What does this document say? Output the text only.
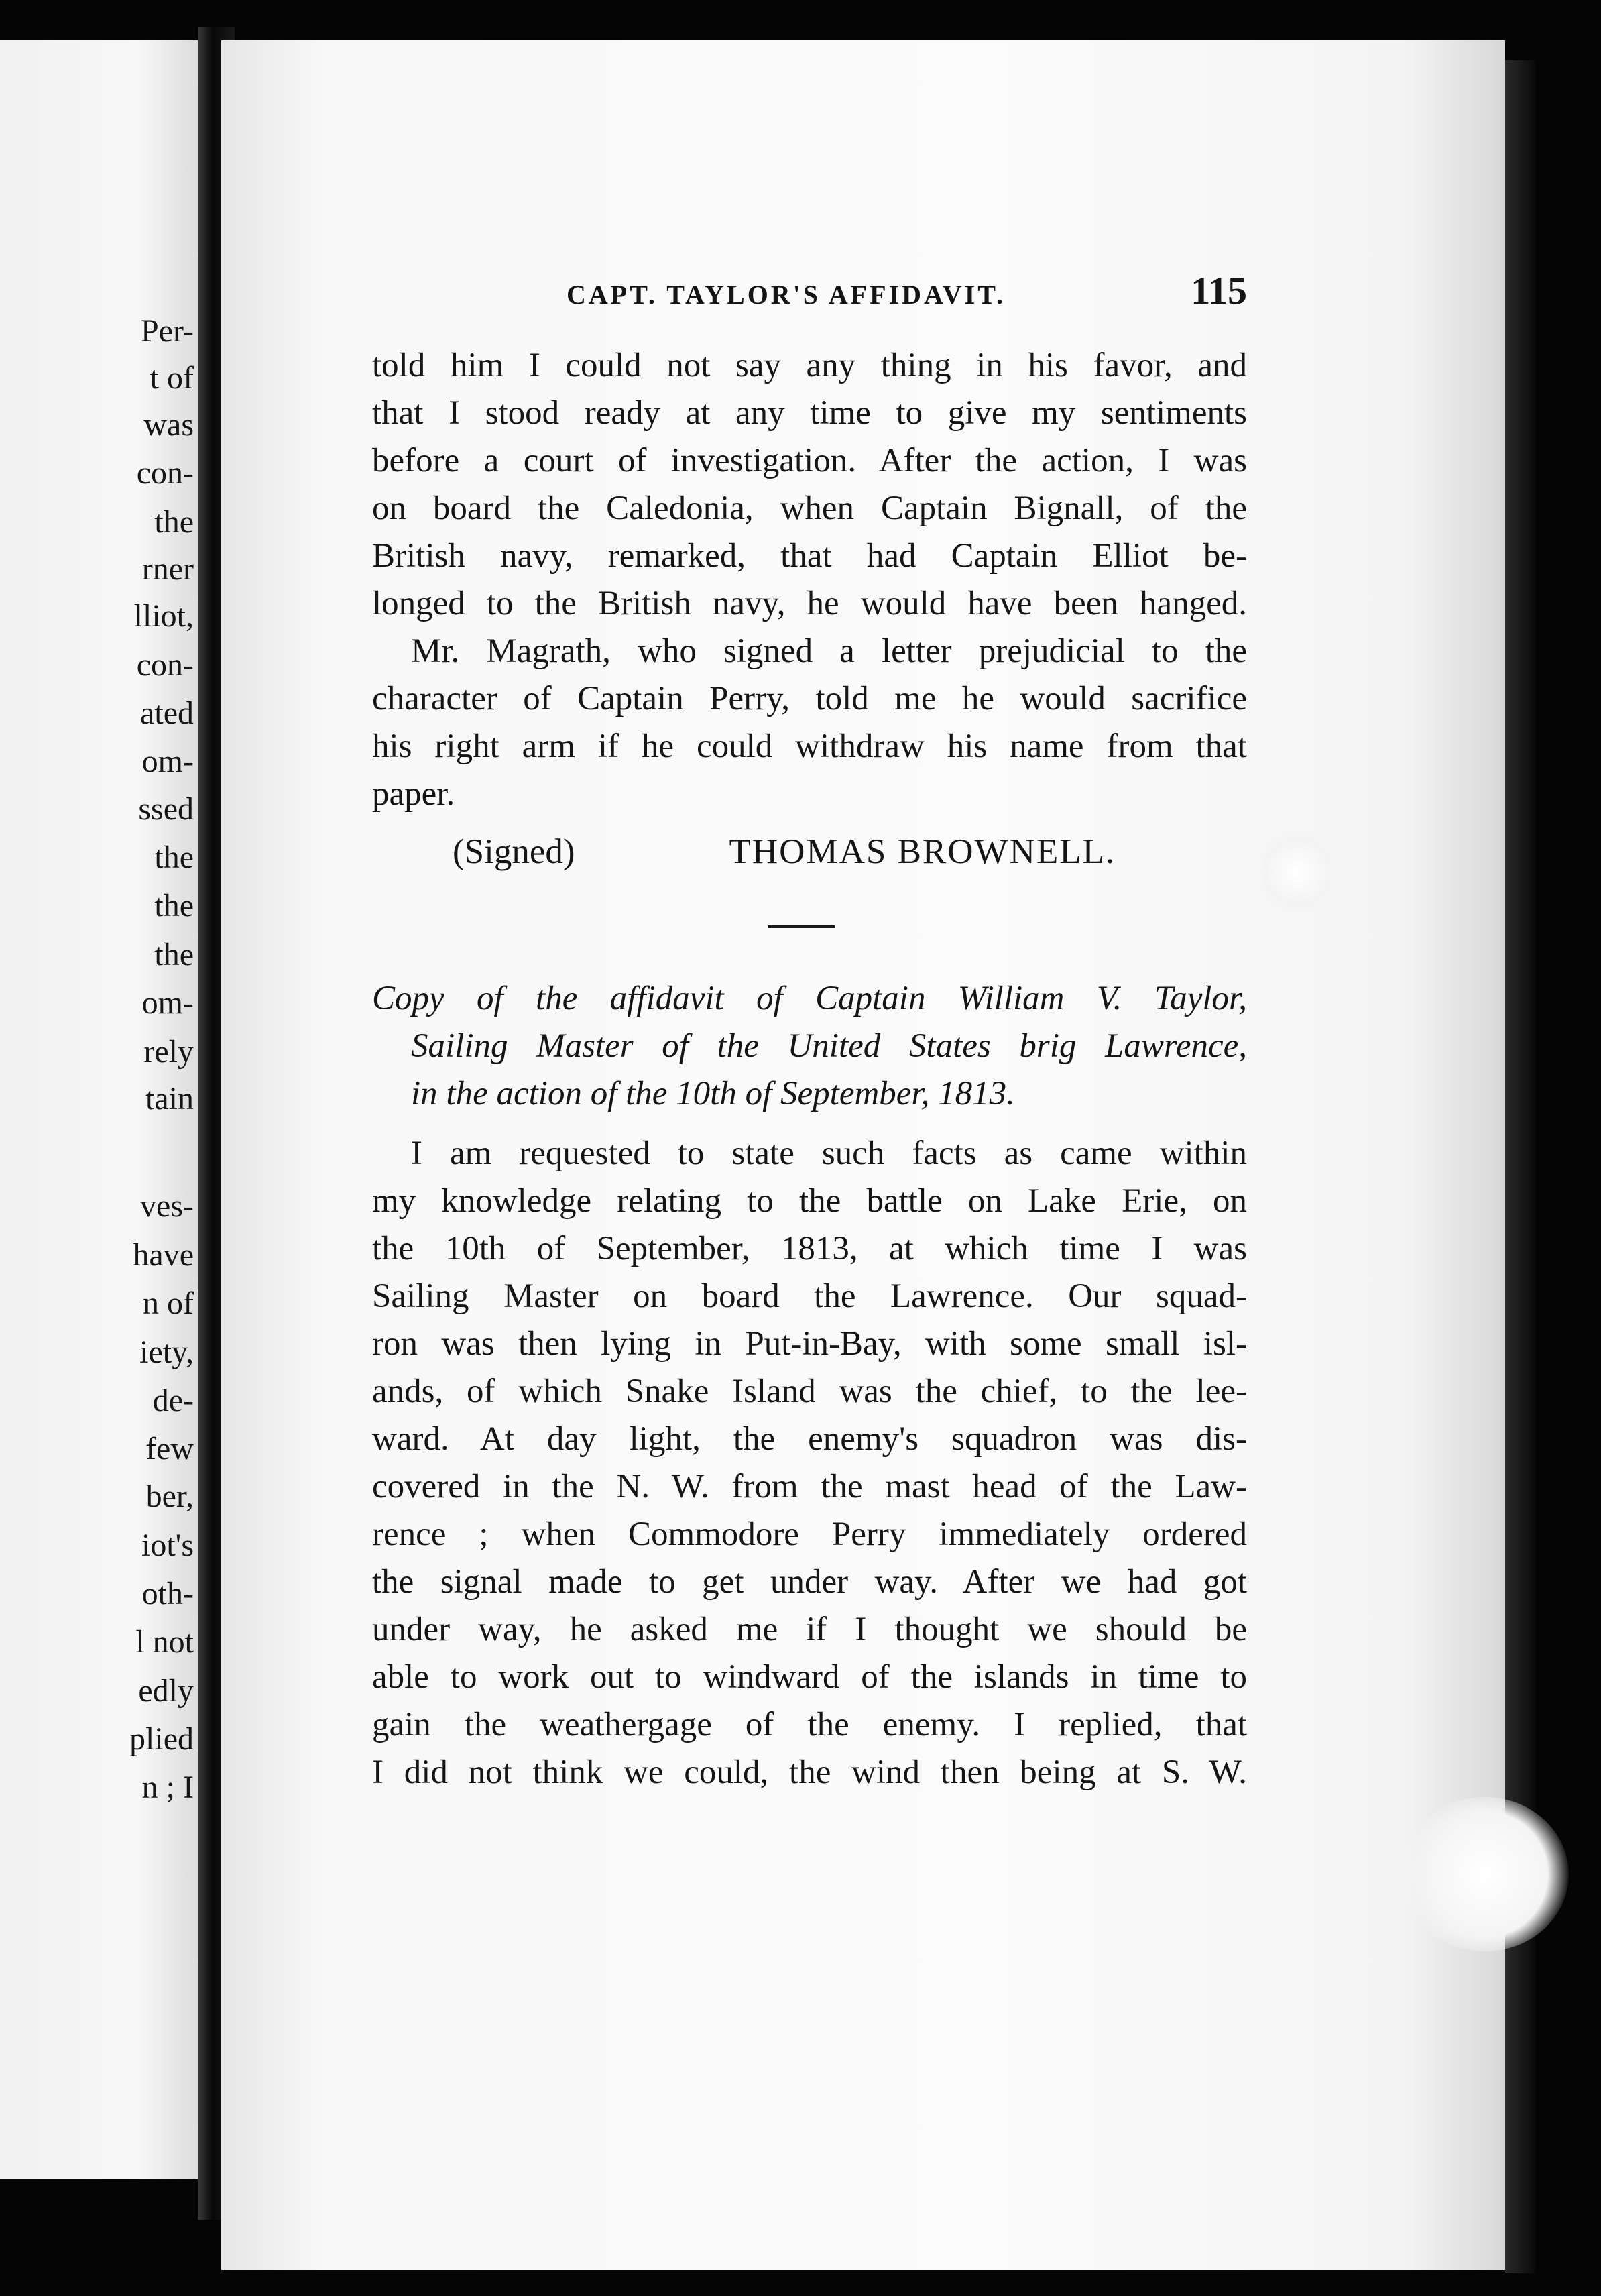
Per-
t of
was
con-
the
rner
lliot,
con-
ated
om-
ssed
the
the
the
om-
rely
tain
ves-
have
n of
iety,
de-
few
ber,
iot's
oth-
l not
edly
plied
n ; I
CAPT. TAYLOR'S AFFIDAVIT.	115
told him I could not say any thing in his favor, and
that I stood ready at any time to give my sentiments
before a court of investigation. After the action, I was
on board the Caledonia, when Captain Bignall, of the
British navy, remarked, that had Captain Elliot be-
longed to the British navy, he would have been hanged.
Mr. Magrath, who signed a letter prejudicial to the
character of Captain Perry, told me he would sacrifice
his right arm if he could withdraw his name from that
paper.
(Signed)	THOMAS BROWNELL.
Copy of the affidavit of Captain William V. Taylor,
Sailing Master of the United States brig Lawrence,
in the action of the 10th of September, 1813.
I am requested to state such facts as came within
my knowledge relating to the battle on Lake Erie, on
the 10th of September, 1813, at which time I was
Sailing Master on board the Lawrence. Our squad-
ron was then lying in Put-in-Bay, with some small isl-
ands, of which Snake Island was the chief, to the lee-
ward. At day light, the enemy's squadron was dis-
covered in the N. W. from the mast head of the Law-
rence ; when Commodore Perry immediately ordered
the signal made to get under way. After we had got
under way, he asked me if I thought we should be
able to work out to windward of the islands in time to
gain the weathergage of the enemy. I replied, that
I did not think we could, the wind then being at S. W.
